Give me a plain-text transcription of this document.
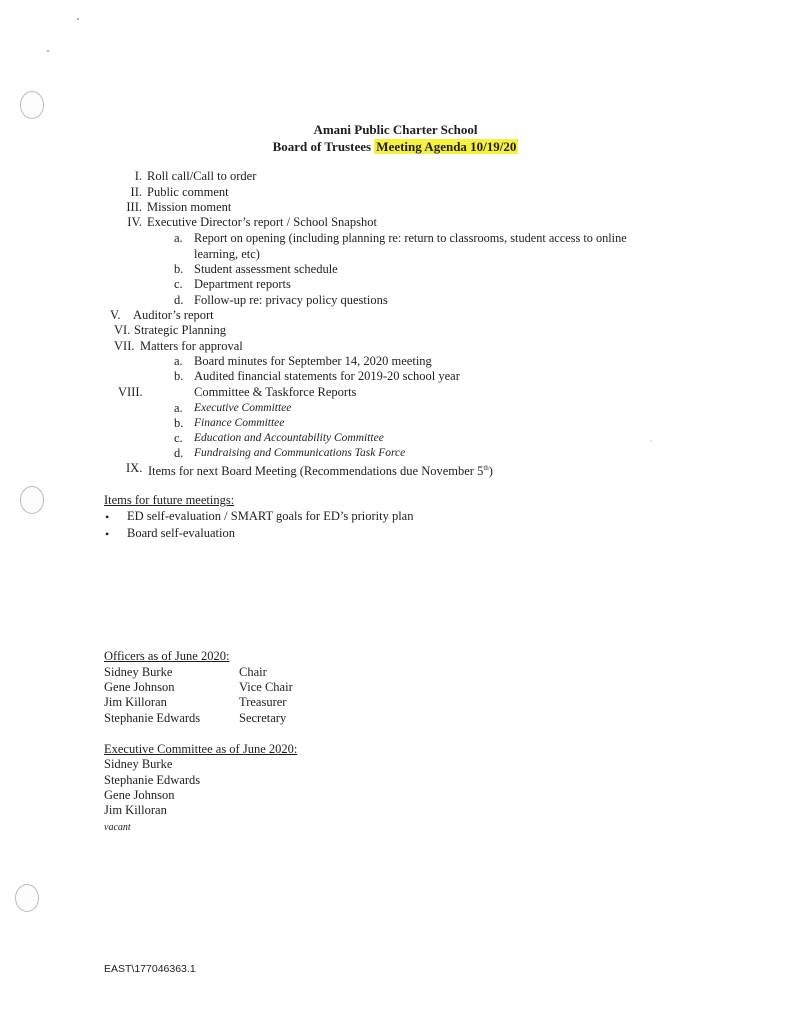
Amani Public Charter School
Board of Trustees Meeting Agenda 10/19/20
I. Roll call/Call to order
II. Public comment
III. Mission moment
IV. Executive Director’s report / School Snapshot
a. Report on opening (including planning re: return to classrooms, student access to online
learning, etc)
b. Student assessment schedule
c. Department reports
d. Follow-up re: privacy policy questions
V. Auditor’s report
VI. Strategic Planning
VII. Matters for approval
a. Board minutes for September 14, 2020 meeting
b. Audited financial statements for 2019-20 school year
VIII.	Committee & Taskforce Reports
a. Executive Committee
b. Finance Committee
c. Education and Accountability Committee
d. Fundraising and Communications Task Force
IX. Items for next Board Meeting (Recommendations due November 5th)
Items for future meetings:
• ED self-evaluation / SMART goals for ED’s priority plan
• Board self-evaluation
Officers as of June 2020:
Sidney Burke	Chair
Gene Johnson	Vice Chair
Jim Killoran	Treasurer
Stephanie Edwards	Secretary
Executive Committee as of June 2020:
Sidney Burke
Stephanie Edwards
Gene Johnson
Jim Killoran
vacant
EAST\177046363.1
